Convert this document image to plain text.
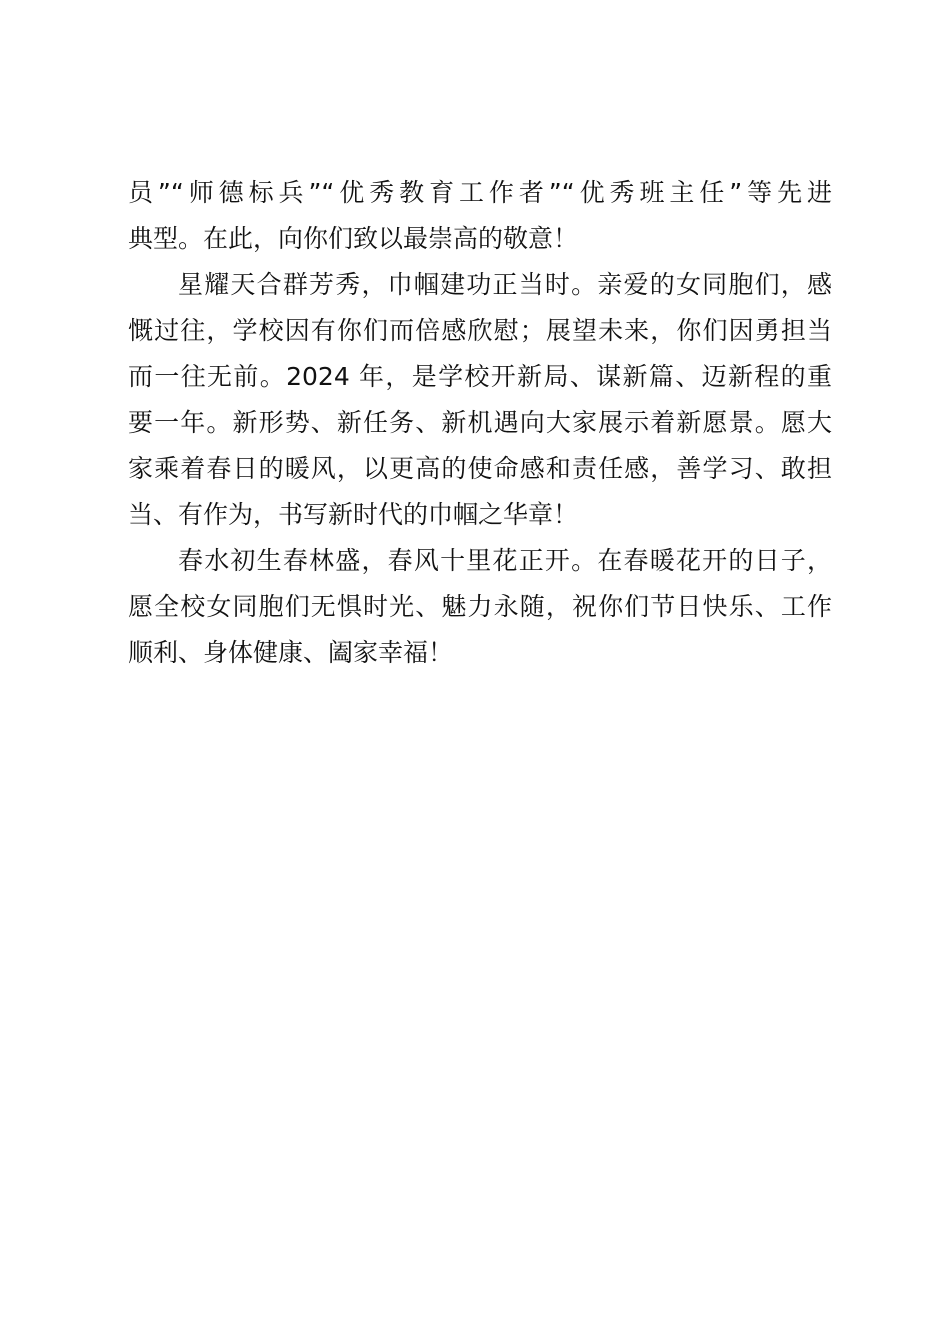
员”“师德标兵”“优秀教育工作者”“优秀班主任”等先进
典型。在此，向你们致以最崇高的敬意！
星耀天合群芳秀，巾帼建功正当时。亲爱的女同胞们，感
慨过往，学校因有你们而倍感欣慰；展望未来，你们因勇担当
而一往无前。2024 年，是学校开新局、谋新篇、迈新程的重
要一年。新形势、新任务、新机遇向大家展示着新愿景。愿大
家乘着春日的暖风，以更高的使命感和责任感，善学习、敢担
当、有作为，书写新时代的巾帼之华章！
春水初生春林盛，春风十里花正开。在春暖花开的日子，
愿全校女同胞们无惧时光、魅力永随，祝你们节日快乐、工作
顺利、身体健康、阖家幸福！
